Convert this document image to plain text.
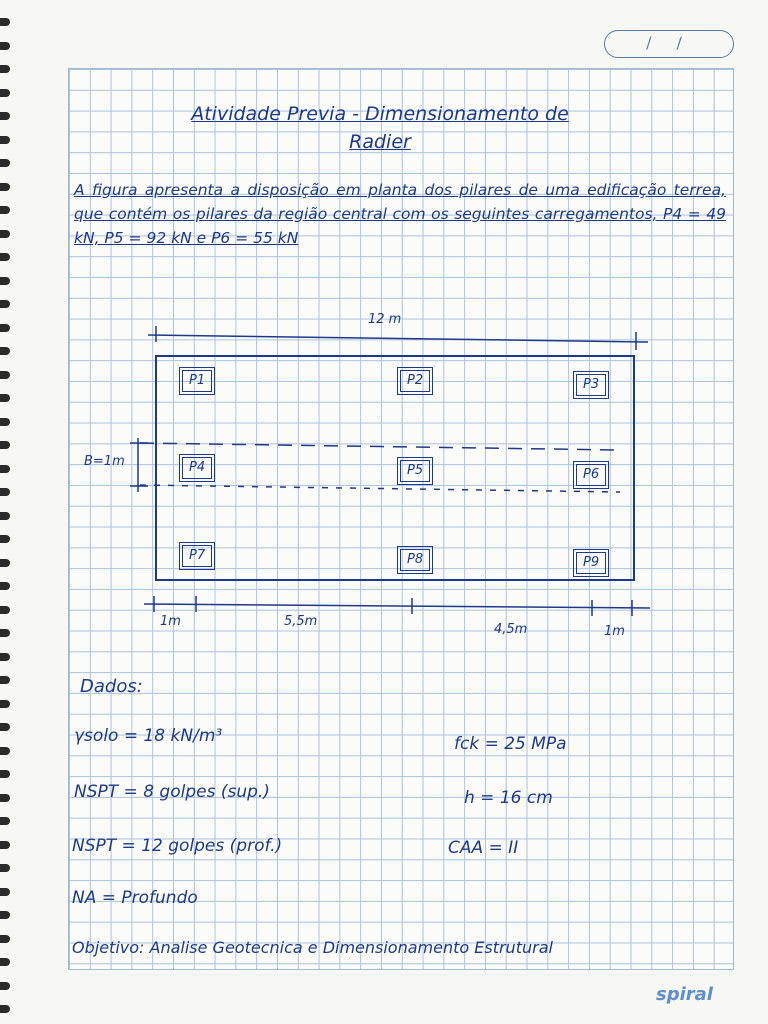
/ /
Atividade Previa - Dimensionamento de
Radier
A figura apresenta a disposição em planta dos pilares de uma edificação terrea, que contém os pilares da região central com os seguintes carregamentos, P4 = 49 kN, P5 = 92 kN e P6 = 55 kN
12 m
B=1m
P1	P2	P3
P4	P5	P6
P7	P8	P9
1m	5,5m
4,5m	1m
Dados:
γsolo = 18 kN/m³
NSPT = 8 golpes (sup.)
NSPT = 12 golpes (prof.)
NA = Profundo
fck = 25 MPa
h = 16 cm
CAA = II
Objetivo: Analise Geotecnica e Dimensionamento Estrutural
spiral
